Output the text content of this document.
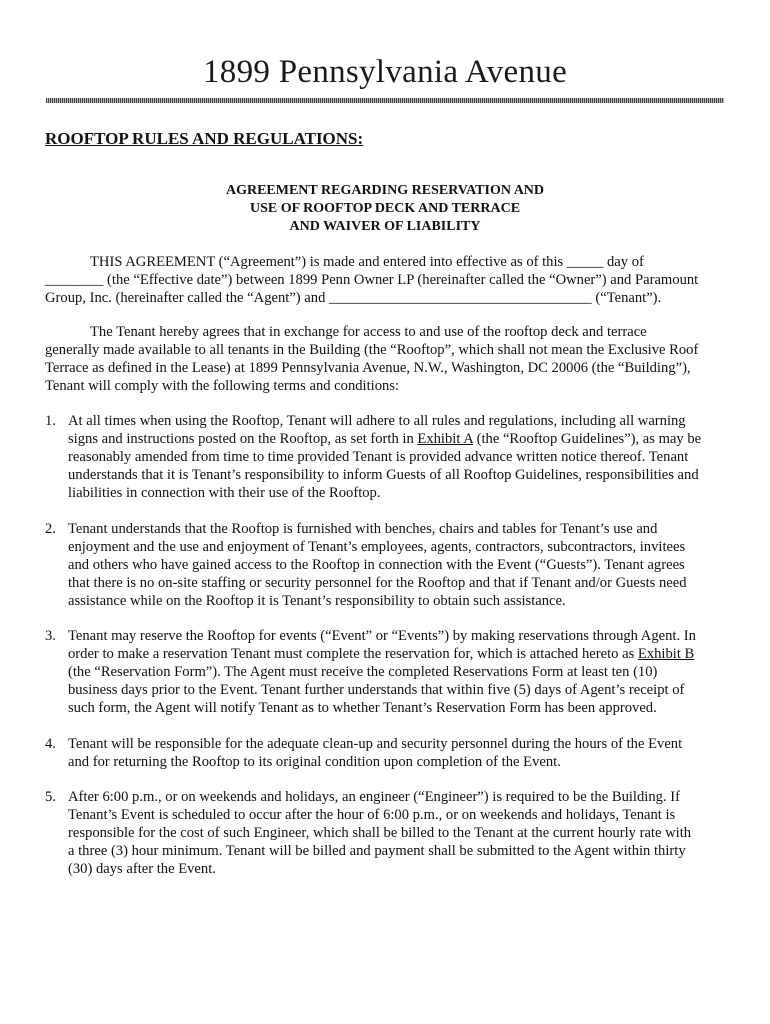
1899 Pennsylvania Avenue
ROOFTOP RULES AND REGULATIONS:
AGREEMENT REGARDING RESERVATION AND
USE OF ROOFTOP DECK AND TERRACE
AND WAIVER OF LIABILITY
THIS AGREEMENT (“Agreement”) is made and entered into effective as of this _____ day of
________ (the “Effective date”) between 1899 Penn Owner LP (hereinafter called the “Owner”) and Paramount
Group, Inc. (hereinafter called the “Agent”) and ____________________________________ (“Tenant”).
The Tenant hereby agrees that in exchange for access to and use of the rooftop deck and terrace
generally made available to all tenants in the Building (the “Rooftop”, which shall not mean the Exclusive Roof
Terrace as defined in the Lease) at 1899 Pennsylvania Avenue, N.W., Washington, DC 20006 (the “Building”),
Tenant will comply with the following terms and conditions:
1. At all times when using the Rooftop, Tenant will adhere to all rules and regulations, including all warning
signs and instructions posted on the Rooftop, as set forth in Exhibit A (the “Rooftop Guidelines”), as may be
reasonably amended from time to time provided Tenant is provided advance written notice thereof. Tenant
understands that it is Tenant’s responsibility to inform Guests of all Rooftop Guidelines, responsibilities and
liabilities in connection with their use of the Rooftop.
2. Tenant understands that the Rooftop is furnished with benches, chairs and tables for Tenant’s use and
enjoyment and the use and enjoyment of Tenant’s employees, agents, contractors, subcontractors, invitees
and others who have gained access to the Rooftop in connection with the Event (“Guests”). Tenant agrees
that there is no on-site staffing or security personnel for the Rooftop and that if Tenant and/or Guests need
assistance while on the Rooftop it is Tenant’s responsibility to obtain such assistance.
3. Tenant may reserve the Rooftop for events (“Event” or “Events”) by making reservations through Agent. In
order to make a reservation Tenant must complete the reservation for, which is attached hereto as Exhibit B
(the “Reservation Form”). The Agent must receive the completed Reservations Form at least ten (10)
business days prior to the Event. Tenant further understands that within five (5) days of Agent’s receipt of
such form, the Agent will notify Tenant as to whether Tenant’s Reservation Form has been approved.
4. Tenant will be responsible for the adequate clean-up and security personnel during the hours of the Event
and for returning the Rooftop to its original condition upon completion of the Event.
5. After 6:00 p.m., or on weekends and holidays, an engineer (“Engineer”) is required to be the Building. If
Tenant’s Event is scheduled to occur after the hour of 6:00 p.m., or on weekends and holidays, Tenant is
responsible for the cost of such Engineer, which shall be billed to the Tenant at the current hourly rate with
a three (3) hour minimum. Tenant will be billed and payment shall be submitted to the Agent within thirty
(30) days after the Event.
